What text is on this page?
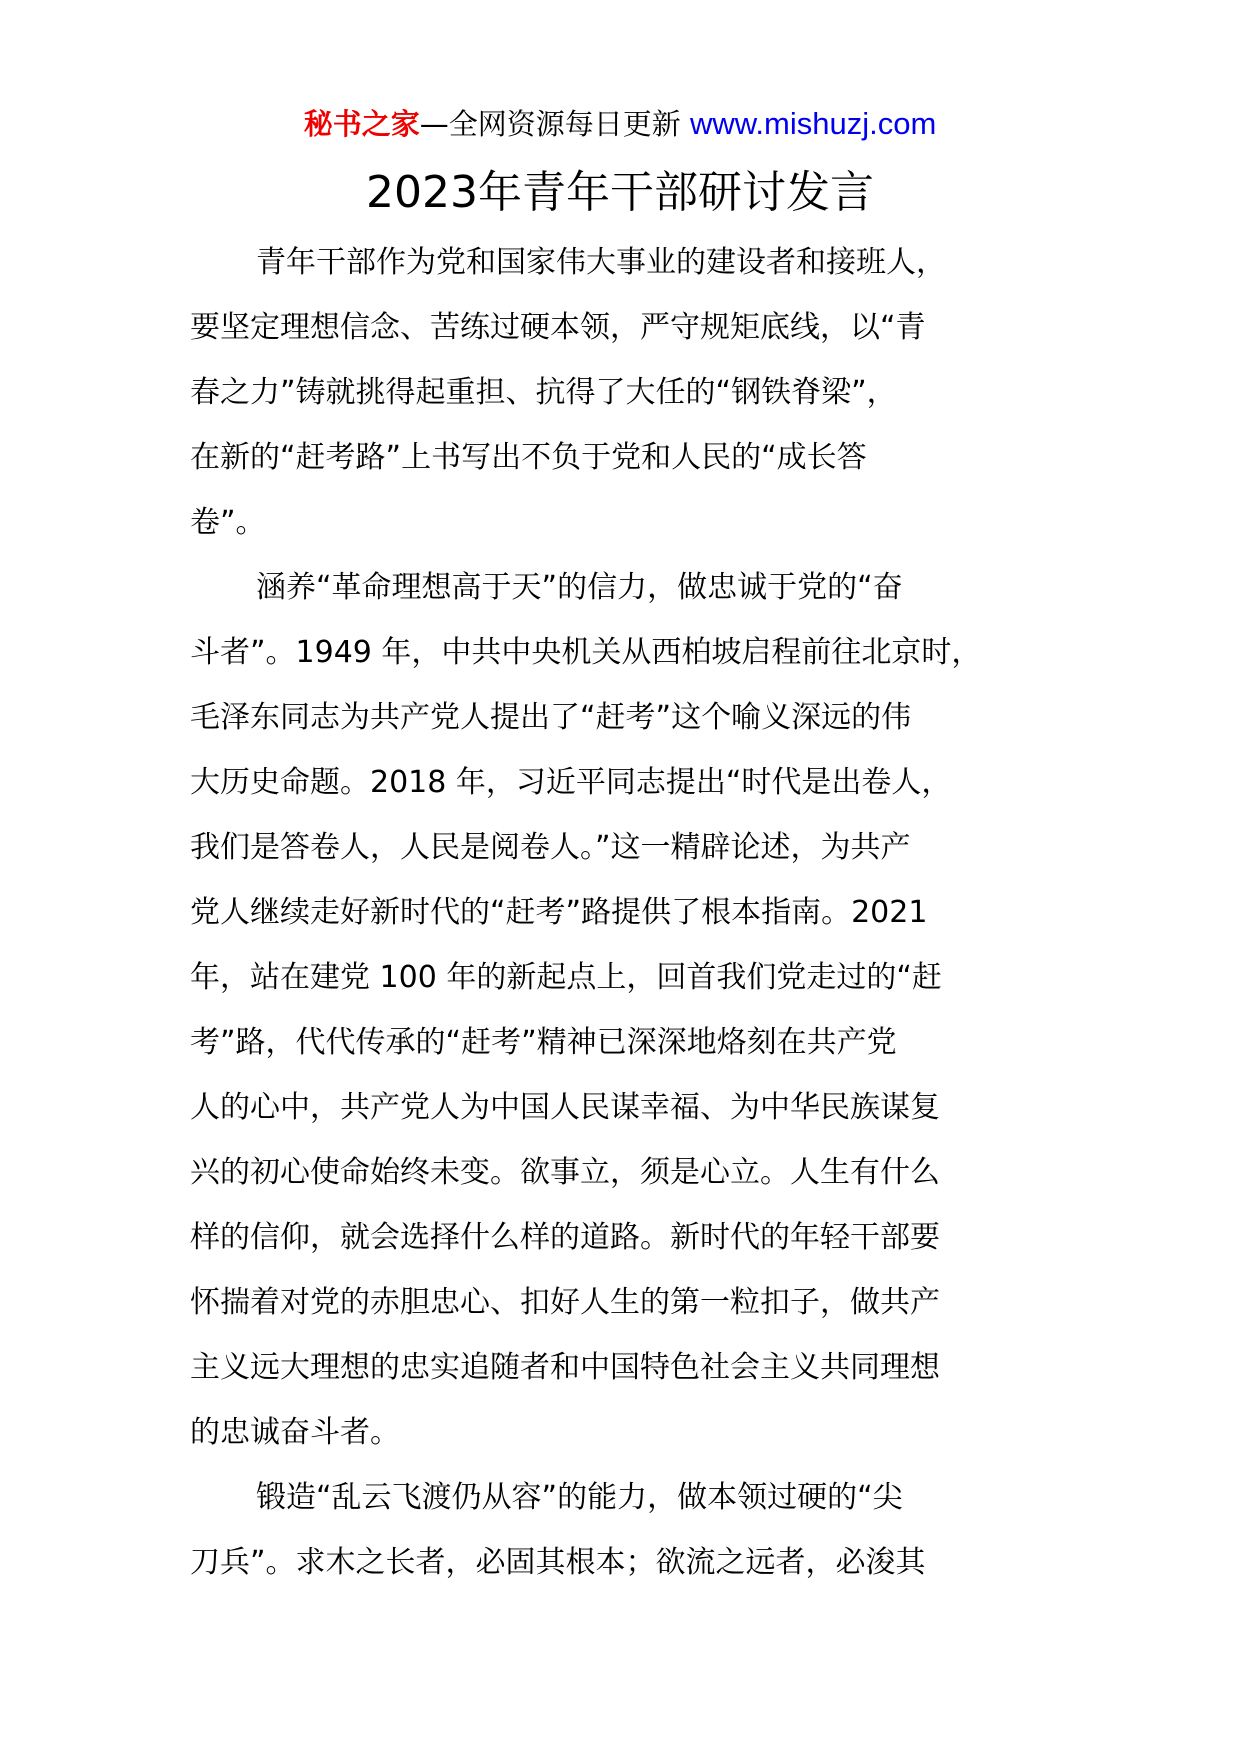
秘书之家—全网资源每日更新 www.mishuzj.com
2023年青年干部研讨发言
青年干部作为党和国家伟大事业的建设者和接班人，
要坚定理想信念、苦练过硬本领，严守规矩底线，以“青
春之力”铸就挑得起重担、抗得了大任的“钢铁脊梁”，
在新的“赶考路”上书写出不负于党和人民的“成长答
卷”。
涵养“革命理想高于天”的信力，做忠诚于党的“奋
斗者”。1949 年，中共中央机关从西柏坡启程前往北京时，
毛泽东同志为共产党人提出了“赶考”这个喻义深远的伟
大历史命题。2018 年，习近平同志提出“时代是出卷人，
我们是答卷人，人民是阅卷人。”这一精辟论述，为共产
党人继续走好新时代的“赶考”路提供了根本指南。2021
年，站在建党 100 年的新起点上，回首我们党走过的“赶
考”路，代代传承的“赶考”精神已深深地烙刻在共产党
人的心中，共产党人为中国人民谋幸福、为中华民族谋复
兴的初心使命始终未变。欲事立，须是心立。人生有什么
样的信仰，就会选择什么样的道路。新时代的年轻干部要
怀揣着对党的赤胆忠心、扣好人生的第一粒扣子，做共产
主义远大理想的忠实追随者和中国特色社会主义共同理想
的忠诚奋斗者。
锻造“乱云飞渡仍从容”的能力，做本领过硬的“尖
刀兵”。求木之长者，必固其根本；欲流之远者，必浚其
